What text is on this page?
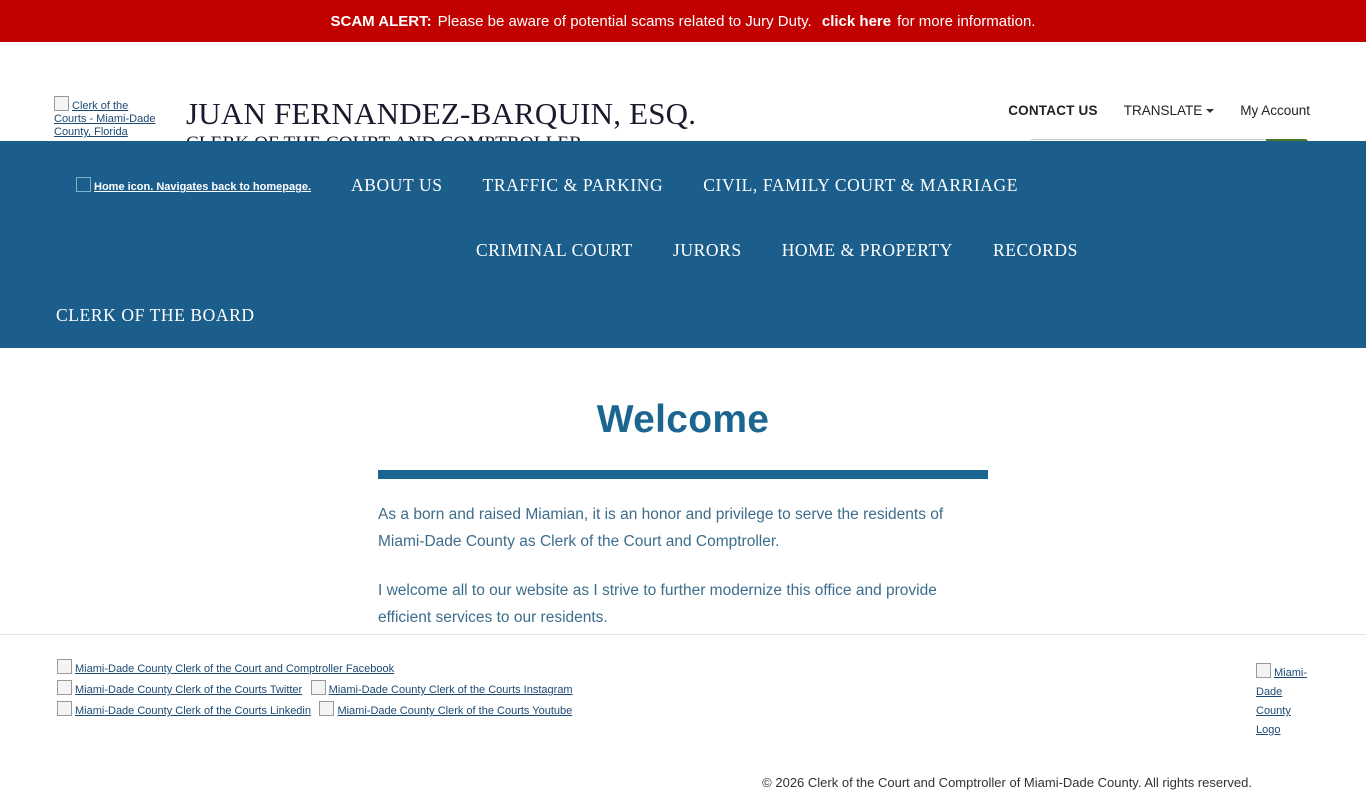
SCAM ALERT: Please be aware of potential scams related to Jury Duty.
click here for more information.
Clerk of the Courts - Miami-Dade County, Florida
JUAN FERNANDEZ-BARQUIN, ESQ.	CONTACT US TRANSLATE	My Account
Search
Home icon. Navigates back to homepage.	ABOUT US	TRAFFIC & PARKING	CIVIL, FAMILY COURT & MARRIAGE
CRIMINAL COURT	JURORS	HOME & PROPERTY	RECORDS
CLERK OF THE BOARD
Welcome

As a born and raised Miamian, it is an honor and privilege to serve the residents of Miami-Dade County as Clerk of the Court and Comptroller.

I welcome all to our website as I strive to further modernize this office and provide efficient services to our residents.

Miami-Dade County Clerk of the Court and Comptroller Facebook
Miami-Dade County Clerk of the Courts Twitter Miami-Dade County Clerk of the Courts Instagram
Miami-Dade County Clerk of the Courts Linkedin Miami-Dade County Clerk of the Courts Youtube
Miami-Dade County Logo
© 2026 Clerk of the Court and Comptroller of Miami-Dade County. All rights reserved.
